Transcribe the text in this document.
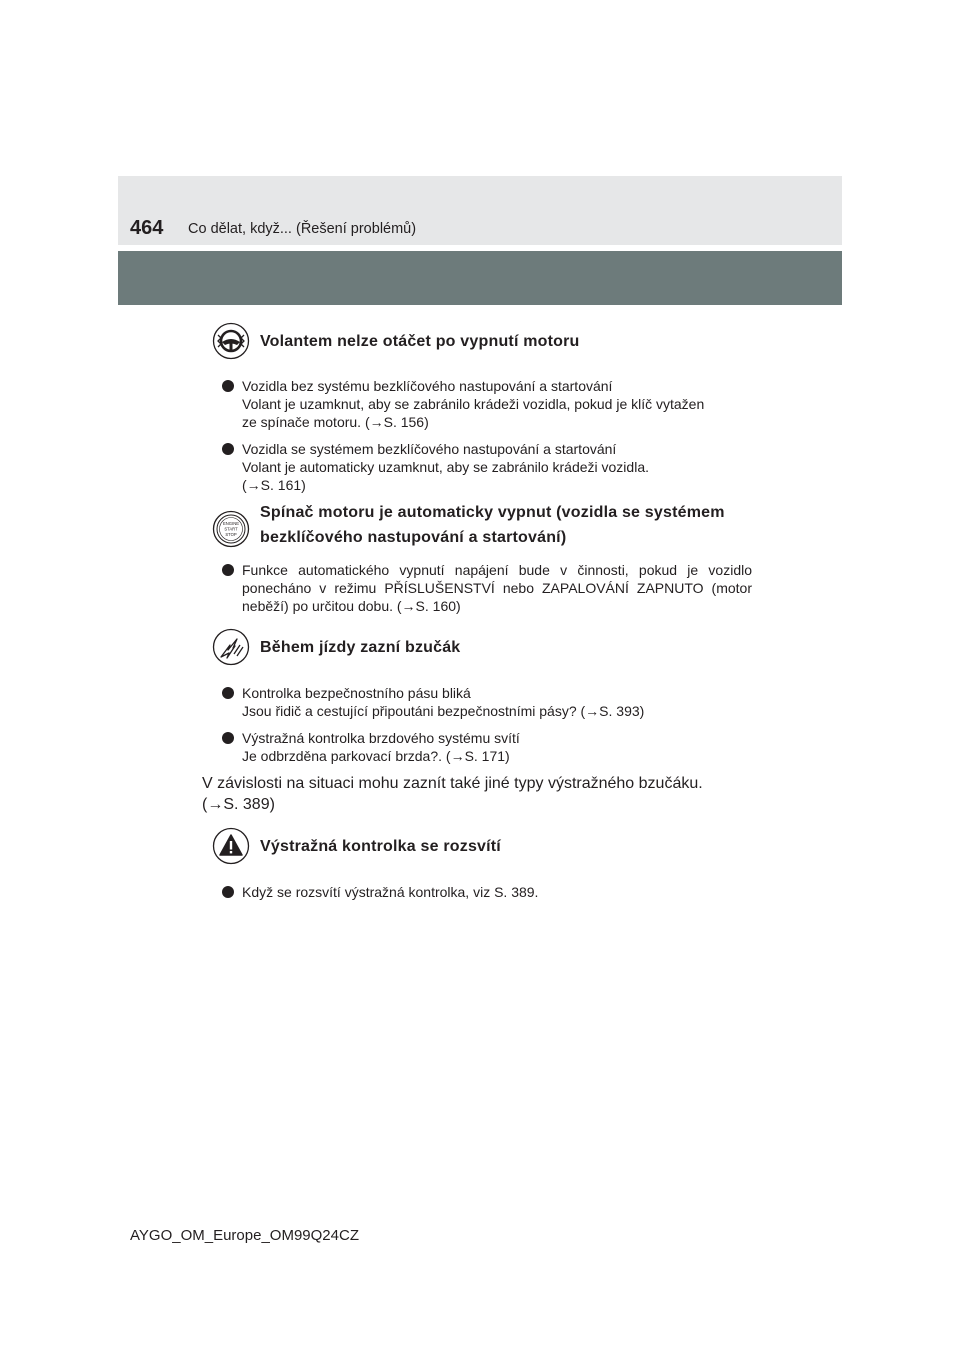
464 Co dělat, když... (Řešení problémů)
Volantem nelze otáčet po vypnutí motoru
Vozidla bez systému bezklíčového nastupování a startování
Volant je uzamknut, aby se zabránilo krádeži vozidla, pokud je klíč vytažen
ze spínače motoru. (→S. 156)
Vozidla se systémem bezklíčového nastupování a startování
Volant je automaticky uzamknut, aby se zabránilo krádeži vozidla.
(→S. 161)
ENGINE
START
STOP
Spínač motoru je automaticky vypnut (vozidla se systémem
bezklíčového nastupování a startování)
Funkce automatického vypnutí napájení bude v činnosti, pokud je vozidlo ponecháno v režimu PŘÍSLUŠENSTVÍ nebo ZAPALOVÁNÍ ZAPNUTO (motor neběží) po určitou dobu. (→S. 160)
Během jízdy zazní bzučák
Kontrolka bezpečnostního pásu bliká
Jsou řidič a cestující připoutáni bezpečnostními pásy? (→S. 393)
Výstražná kontrolka brzdového systému svítí
Je odbrzděna parkovací brzda?. (→S. 171)
V závislosti na situaci mohu zaznít také jiné typy výstražného bzučáku.
(→S. 389)
Výstražná kontrolka se rozsvítí
Když se rozsvítí výstražná kontrolka, viz S. 389.
AYGO_OM_Europe_OM99Q24CZ
